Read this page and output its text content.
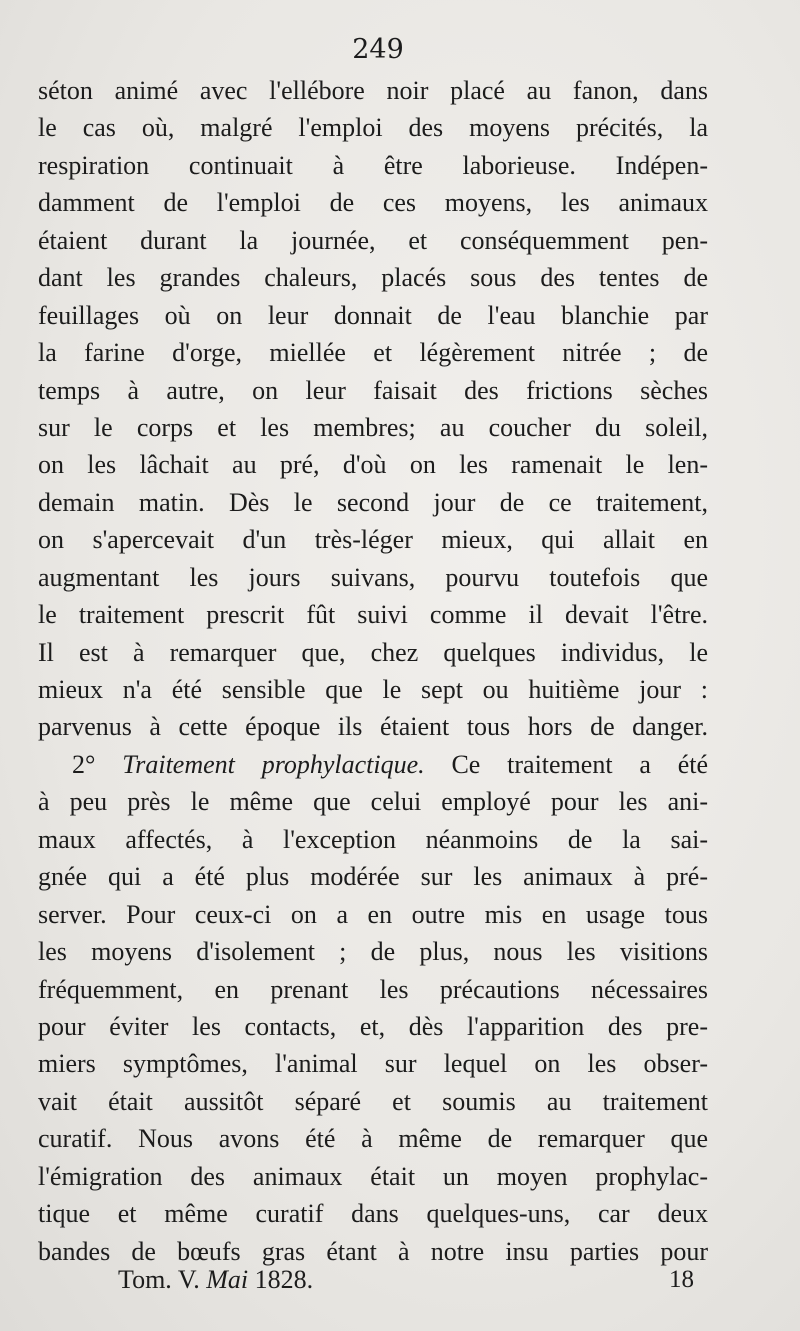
249
séton animé avec l'ellébore noir placé au fanon, dans
le cas où, malgré l'emploi des moyens précités, la
respiration continuait à être laborieuse. Indépen-
damment de l'emploi de ces moyens, les animaux
étaient durant la journée, et conséquemment pen-
dant les grandes chaleurs, placés sous des tentes de
feuillages où on leur donnait de l'eau blanchie par
la farine d'orge, miellée et légèrement nitrée ; de
temps à autre, on leur faisait des frictions sèches
sur le corps et les membres; au coucher du soleil,
on les lâchait au pré, d'où on les ramenait le len-
demain matin. Dès le second jour de ce traitement,
on s'apercevait d'un très-léger mieux, qui allait en
augmentant les jours suivans, pourvu toutefois que
le traitement prescrit fût suivi comme il devait l'être.
Il est à remarquer que, chez quelques individus, le
mieux n'a été sensible que le sept ou huitième jour :
parvenus à cette époque ils étaient tous hors de danger.
2° Traitement prophylactique. Ce traitement a été
à peu près le même que celui employé pour les ani-
maux affectés, à l'exception néanmoins de la sai-
gnée qui a été plus modérée sur les animaux à pré-
server. Pour ceux-ci on a en outre mis en usage tous
les moyens d'isolement ; de plus, nous les visitions
fréquemment, en prenant les précautions nécessaires
pour éviter les contacts, et, dès l'apparition des pre-
miers symptômes, l'animal sur lequel on les obser-
vait était aussitôt séparé et soumis au traitement
curatif. Nous avons été à même de remarquer que
l'émigration des animaux était un moyen prophylac-
tique et même curatif dans quelques-uns, car deux
bandes de bœufs gras étant à notre insu parties pour
Tom. V. Mai 1828.	18
